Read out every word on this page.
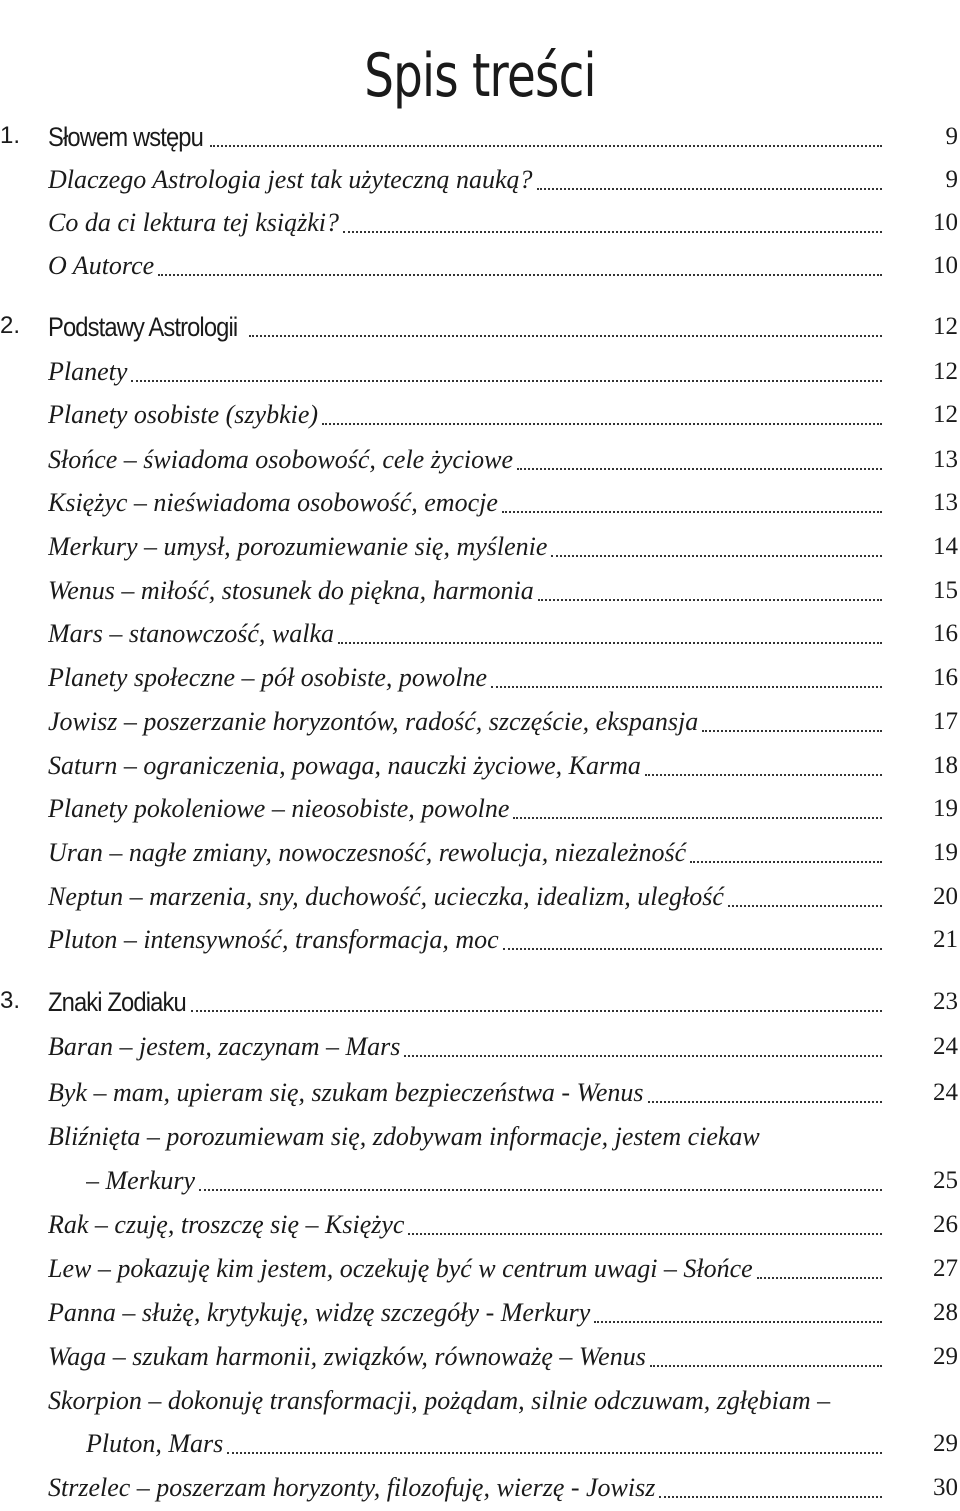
Spis treści
1. Słowem wstępu	9
Dlaczego Astrologia jest tak użyteczną nauką?	9
Co da ci lektura tej książki?	10
O Autorce	10
2. Podstawy Astrologii	12
Planety	12
Planety osobiste (szybkie)	12
Słońce – świadoma osobowość, cele życiowe	13
Księżyc – nieświadoma osobowość, emocje	13
Merkury – umysł, porozumiewanie się, myślenie	14
Wenus – miłość, stosunek do piękna, harmonia	15
Mars – stanowczość, walka	16
Planety społeczne – pół osobiste, powolne	16
Jowisz – poszerzanie horyzontów, radość, szczęście, ekspansja	17
Saturn – ograniczenia, powaga, nauczki życiowe, Karma	18
Planety pokoleniowe – nieosobiste, powolne	19
Uran – nagłe zmiany, nowoczesność, rewolucja, niezależność	19
Neptun – marzenia, sny, duchowość, ucieczka, idealizm, uległość	20
Pluton – intensywność, transformacja, moc	21
3. Znaki Zodiaku	23
Baran – jestem, zaczynam – Mars	24
Byk – mam, upieram się, szukam bezpieczeństwa - Wenus	24
Bliźnięta – porozumiewam się, zdobywam informacje, jestem ciekaw
– Merkury	25
Rak – czuję, troszczę się – Księżyc	26
Lew – pokazuję kim jestem, oczekuję być w centrum uwagi – Słońce	27
Panna – służę, krytykuję, widzę szczegóły - Merkury	28
Waga – szukam harmonii, związków, równoważę – Wenus	29
Skorpion – dokonuję transformacji, pożądam, silnie odczuwam, zgłębiam –
Pluton, Mars	29
Strzelec – poszerzam horyzonty, filozofuję, wierzę - Jowisz	30
